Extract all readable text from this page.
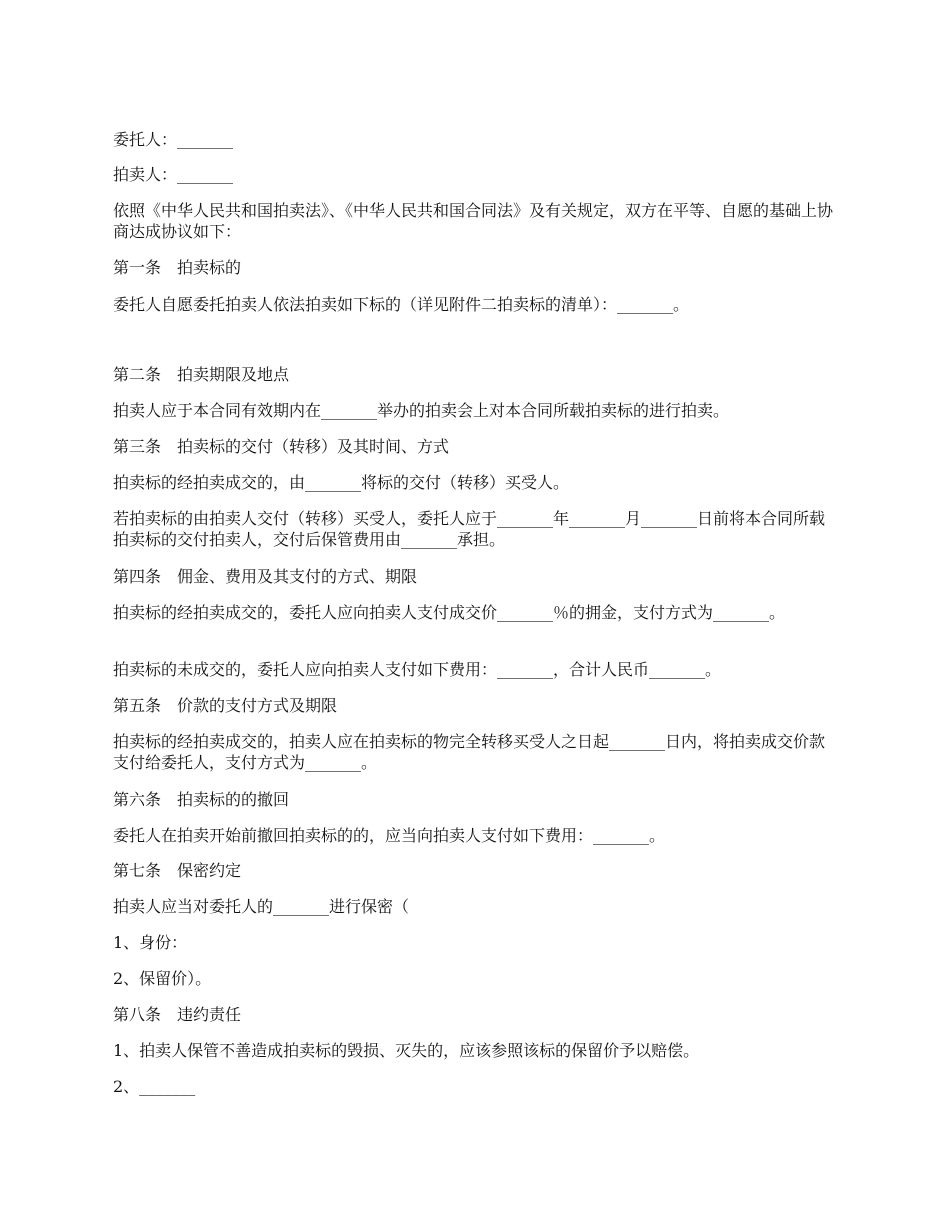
委托人：_______

拍卖人：_______

依照《中华人民共和国拍卖法》、《中华人民共和国合同法》及有关规定，双方在平等、自愿的基础上协商达成协议如下：

第一条　拍卖标的

委托人自愿委托拍卖人依法拍卖如下标的（详见附件二拍卖标的清单）：_______。

第二条　拍卖期限及地点

拍卖人应于本合同有效期内在_______举办的拍卖会上对本合同所载拍卖标的进行拍卖。

第三条　拍卖标的交付（转移）及其时间、方式

拍卖标的经拍卖成交的，由_______将标的交付（转移）买受人。

若拍卖标的由拍卖人交付（转移）买受人，委托人应于_______年_______月_______日前将本合同所载拍卖标的交付拍卖人，交付后保管费用由_______承担。

第四条　佣金、费用及其支付的方式、期限

拍卖标的经拍卖成交的，委托人应向拍卖人支付成交价_______％的拥金，支付方式为_______。

拍卖标的未成交的，委托人应向拍卖人支付如下费用：_______，合计人民币_______。

第五条　价款的支付方式及期限

拍卖标的经拍卖成交的，拍卖人应在拍卖标的物完全转移买受人之日起_______日内，将拍卖成交价款支付给委托人，支付方式为_______。

第六条　拍卖标的的撤回

委托人在拍卖开始前撤回拍卖标的的，应当向拍卖人支付如下费用：_______。

第七条　保密约定

拍卖人应当对委托人的_______进行保密（

1、身份：

2、保留价）。

第八条　违约责任

1、拍卖人保管不善造成拍卖标的毁损、灭失的，应该参照该标的保留价予以赔偿。

2、_______
